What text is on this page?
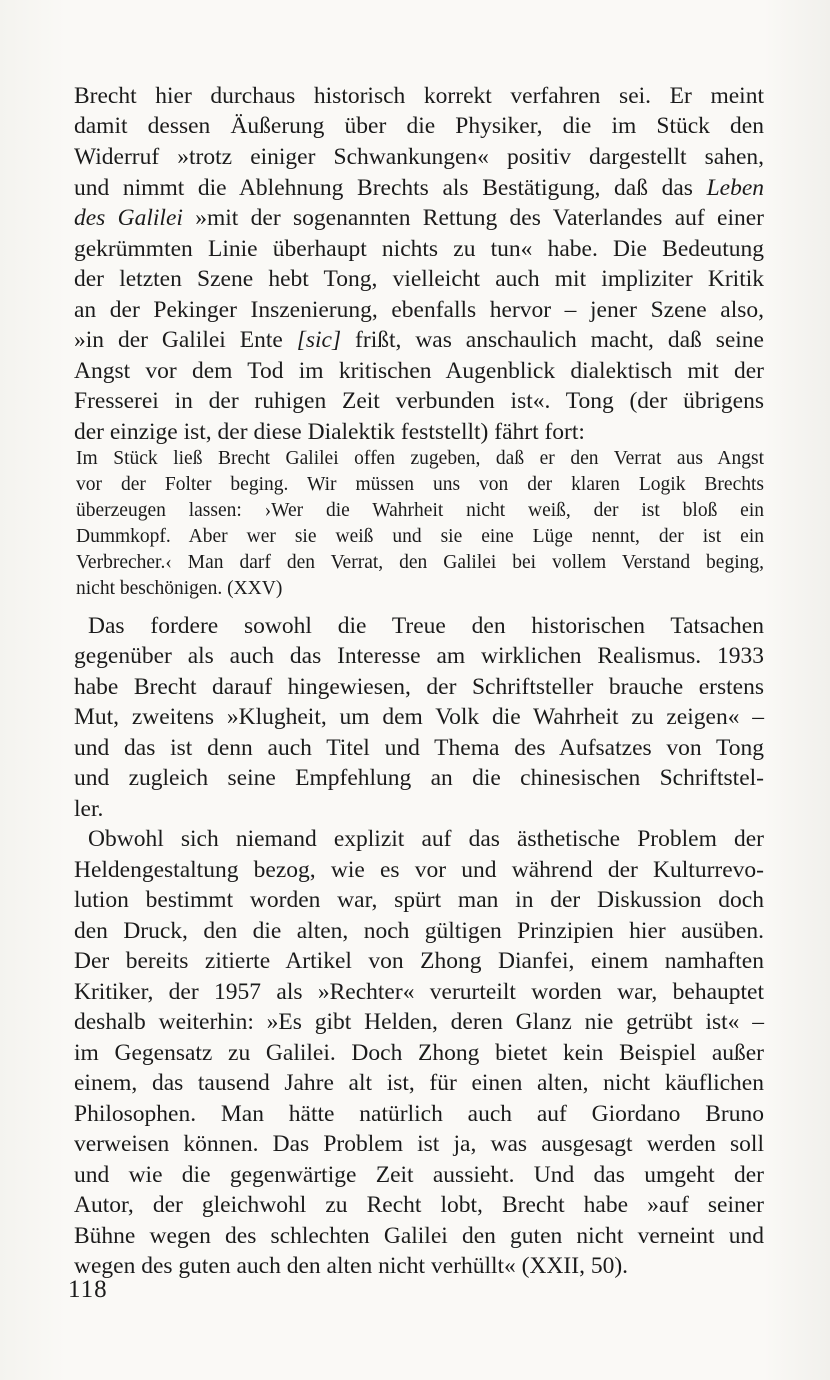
Brecht hier durchaus historisch korrekt verfahren sei. Er meint
damit dessen Äußerung über die Physiker, die im Stück den
Widerruf »trotz einiger Schwankungen« positiv dargestellt sahen,
und nimmt die Ablehnung Brechts als Bestätigung, daß das Leben
des Galilei »mit der sogenannten Rettung des Vaterlandes auf einer
gekrümmten Linie überhaupt nichts zu tun« habe. Die Bedeutung
der letzten Szene hebt Tong, vielleicht auch mit impliziter Kritik
an der Pekinger Inszenierung, ebenfalls hervor – jener Szene also,
»in der Galilei Ente [sic] frißt, was anschaulich macht, daß seine
Angst vor dem Tod im kritischen Augenblick dialektisch mit der
Fresserei in der ruhigen Zeit verbunden ist«. Tong (der übrigens
der einzige ist, der diese Dialektik feststellt) fährt fort:
Im Stück ließ Brecht Galilei offen zugeben, daß er den Verrat aus Angst
vor der Folter beging. Wir müssen uns von der klaren Logik Brechts
überzeugen lassen: ›Wer die Wahrheit nicht weiß, der ist bloß ein
Dummkopf. Aber wer sie weiß und sie eine Lüge nennt, der ist ein
Verbrecher.‹ Man darf den Verrat, den Galilei bei vollem Verstand beging,
nicht beschönigen. (XXV)
Das fordere sowohl die Treue den historischen Tatsachen
gegenüber als auch das Interesse am wirklichen Realismus. 1933
habe Brecht darauf hingewiesen, der Schriftsteller brauche erstens
Mut, zweitens »Klugheit, um dem Volk die Wahrheit zu zeigen« –
und das ist denn auch Titel und Thema des Aufsatzes von Tong
und zugleich seine Empfehlung an die chinesischen Schriftstel-
ler.
Obwohl sich niemand explizit auf das ästhetische Problem der
Heldengestaltung bezog, wie es vor und während der Kulturrevo-
lution bestimmt worden war, spürt man in der Diskussion doch
den Druck, den die alten, noch gültigen Prinzipien hier ausüben.
Der bereits zitierte Artikel von Zhong Dianfei, einem namhaften
Kritiker, der 1957 als »Rechter« verurteilt worden war, behauptet
deshalb weiterhin: »Es gibt Helden, deren Glanz nie getrübt ist« –
im Gegensatz zu Galilei. Doch Zhong bietet kein Beispiel außer
einem, das tausend Jahre alt ist, für einen alten, nicht käuflichen
Philosophen. Man hätte natürlich auch auf Giordano Bruno
verweisen können. Das Problem ist ja, was ausgesagt werden soll
und wie die gegenwärtige Zeit aussieht. Und das umgeht der
Autor, der gleichwohl zu Recht lobt, Brecht habe »auf seiner
Bühne wegen des schlechten Galilei den guten nicht verneint und
wegen des guten auch den alten nicht verhüllt« (XXII, 50).
118
